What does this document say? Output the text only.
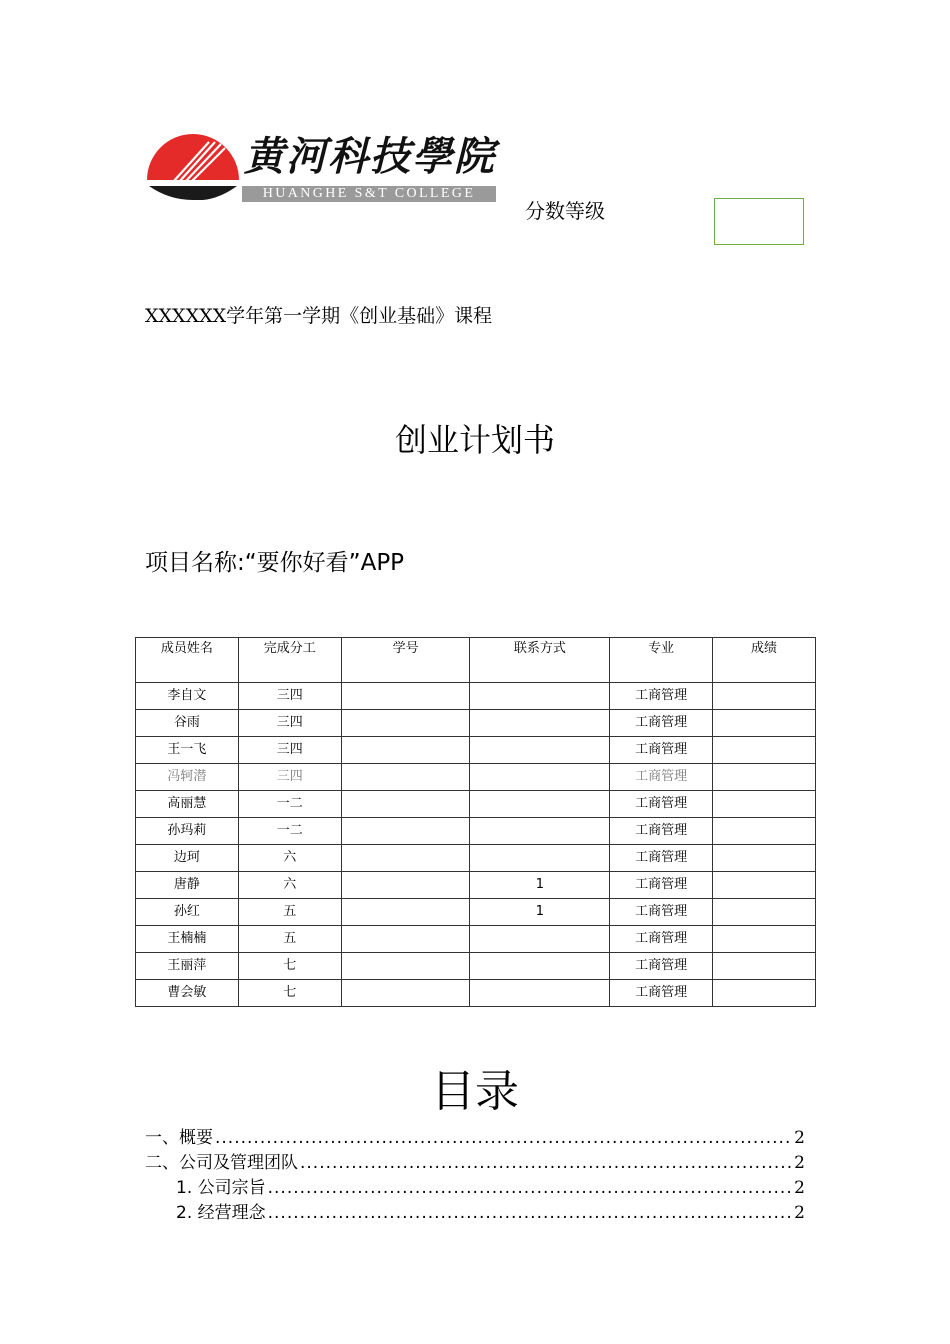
黄河科技學院
HUANGHE S&T COLLEGE
分数等级
XXXXXX学年第一学期《创业基础》课程
创业计划书
项目名称:“要你好看”APP
成员姓名	完成分工	学号	联系方式	专业	成绩
李自文	三四			工商管理	
谷雨	三四			工商管理	
王一飞	三四			工商管理	
冯轲潜	三四			工商管理	
高丽慧	一二			工商管理	
孙玛莉	一二			工商管理	
边珂	六			工商管理	
唐静	六		1	工商管理	
孙红	五		1	工商管理	
王楠楠	五			工商管理	
王丽萍	七			工商管理	
曹会敏	七			工商管理	
目录
一、概要 .....	2
二、公司及管理团队 .....	2
1. 公司宗旨 .....	2
2. 经营理念 .....	2
